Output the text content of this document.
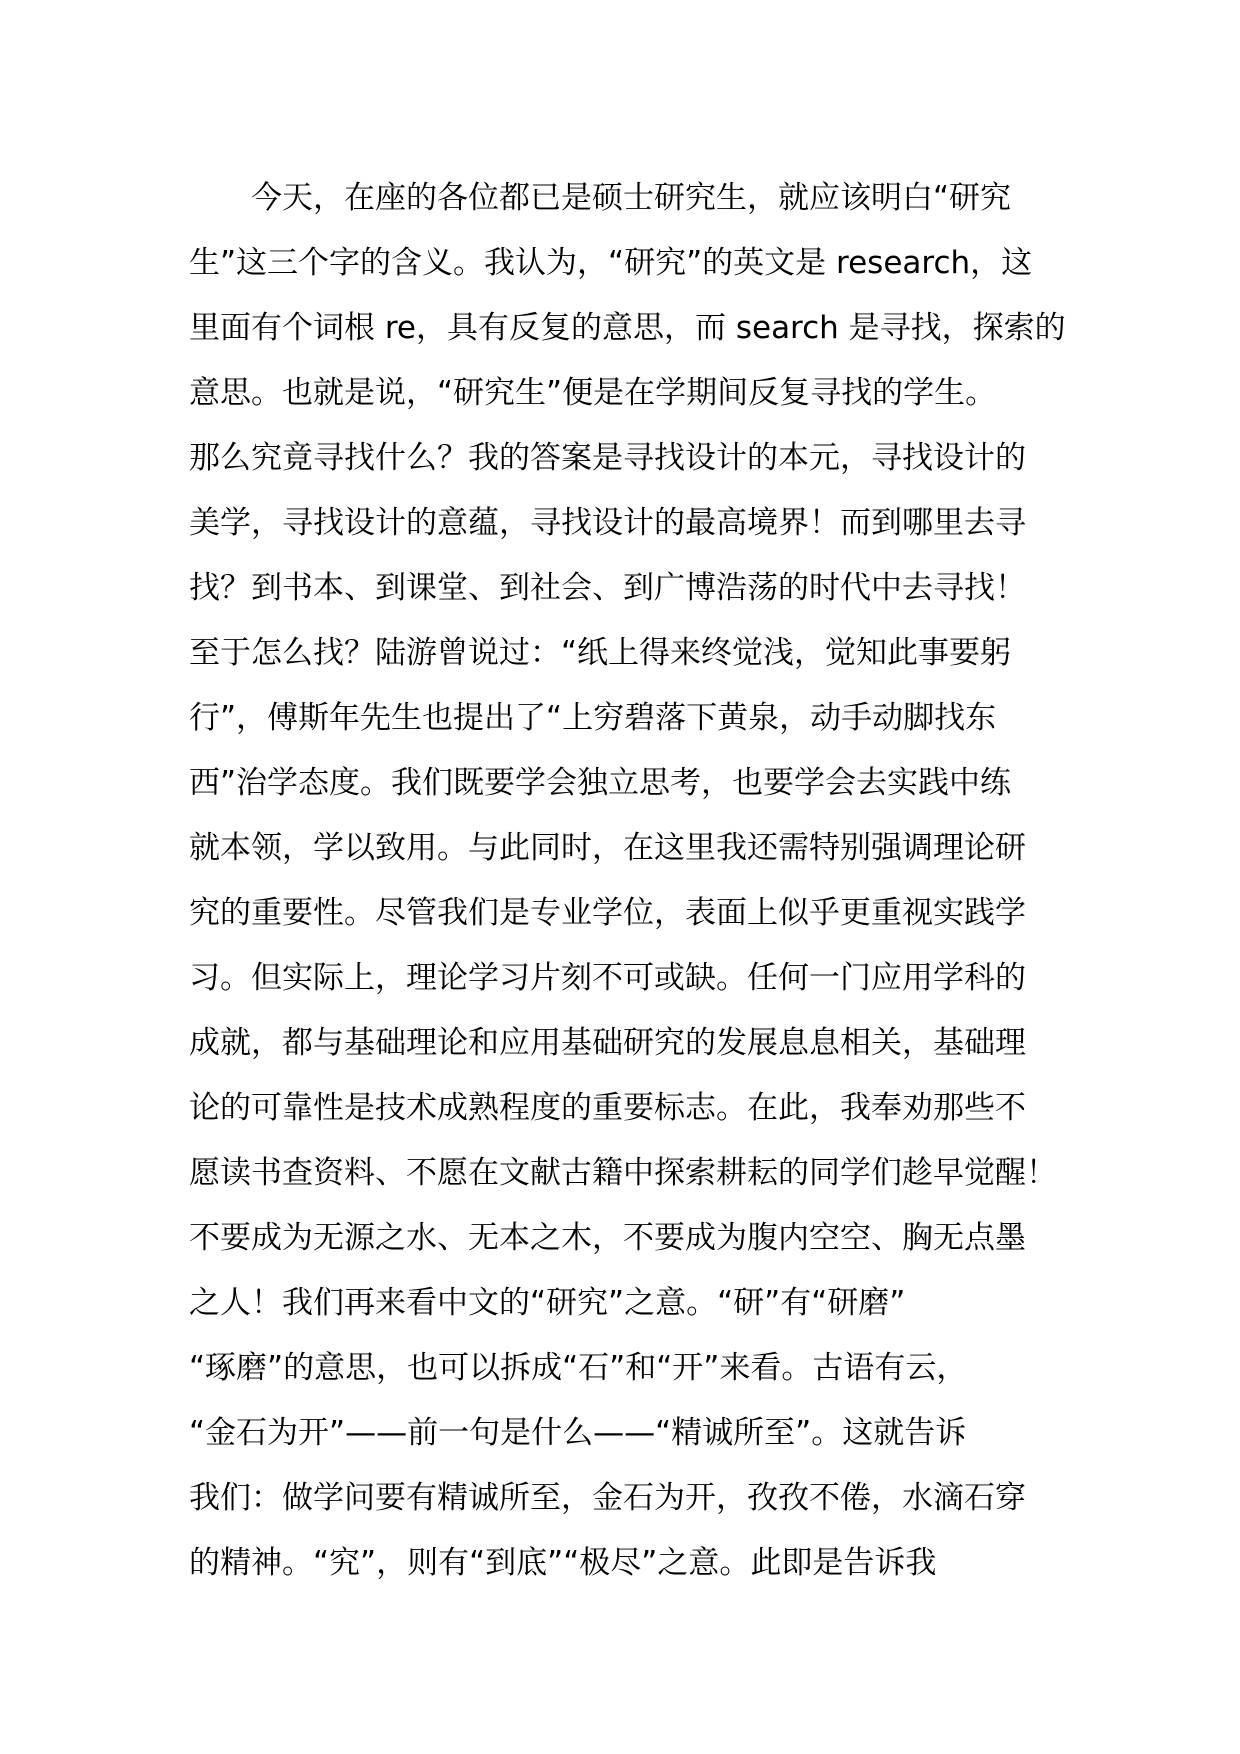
　　今天，在座的各位都已是硕士研究生，就应该明白“研究
生”这三个字的含义。我认为，“研究”的英文是 research，这
里面有个词根 re，具有反复的意思，而 search 是寻找，探索的
意思。也就是说，“研究生”便是在学期间反复寻找的学生。
那么究竟寻找什么？我的答案是寻找设计的本元，寻找设计的
美学，寻找设计的意蕴，寻找设计的最高境界！而到哪里去寻
找？到书本、到课堂、到社会、到广博浩荡的时代中去寻找！
至于怎么找？陆游曾说过：“纸上得来终觉浅，觉知此事要躬
行”，傅斯年先生也提出了“上穷碧落下黄泉，动手动脚找东
西”治学态度。我们既要学会独立思考，也要学会去实践中练
就本领，学以致用。与此同时，在这里我还需特别强调理论研
究的重要性。尽管我们是专业学位，表面上似乎更重视实践学
习。但实际上，理论学习片刻不可或缺。任何一门应用学科的
成就，都与基础理论和应用基础研究的发展息息相关，基础理
论的可靠性是技术成熟程度的重要标志。在此，我奉劝那些不
愿读书查资料、不愿在文献古籍中探索耕耘的同学们趁早觉醒！
不要成为无源之水、无本之木，不要成为腹内空空、胸无点墨
之人！我们再来看中文的“研究”之意。“研”有“研磨”
“琢磨”的意思，也可以拆成“石”和“开”来看。古语有云，
“金石为开”——前一句是什么——“精诚所至”。这就告诉
我们：做学问要有精诚所至，金石为开，孜孜不倦，水滴石穿
的精神。“究”，则有“到底”“极尽”之意。此即是告诉我
